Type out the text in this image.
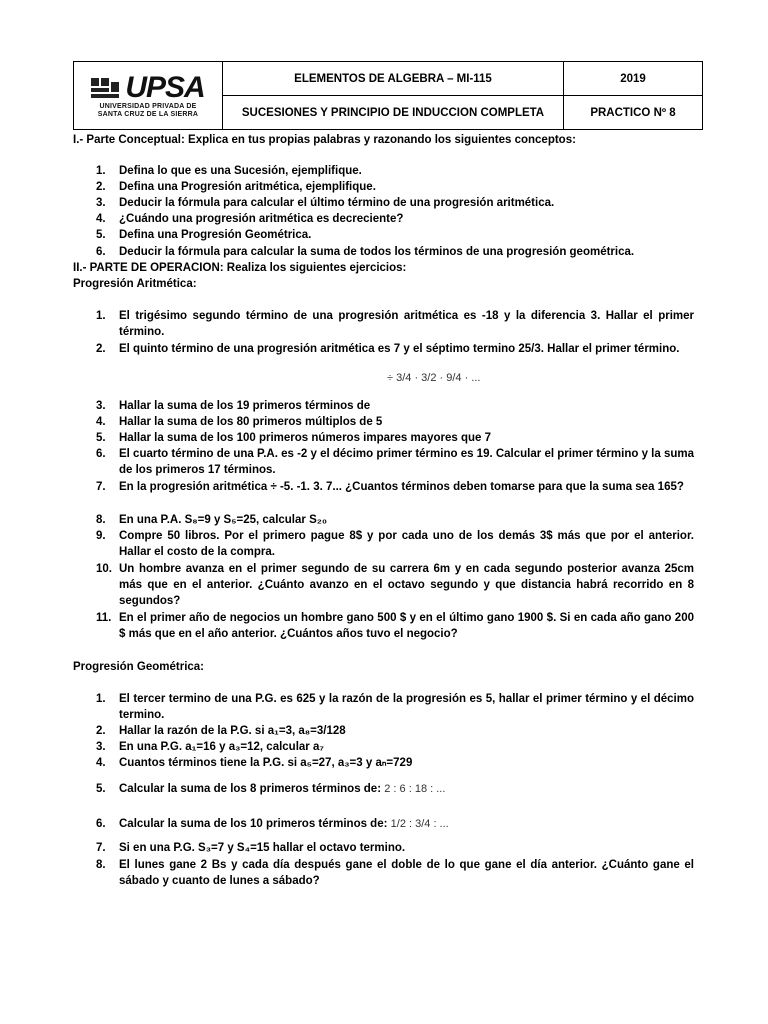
UPSA
UNIVERSIDAD PRIVADA DE
SANTA CRUZ DE LA SIERRA	ELEMENTOS DE ALGEBRA – MI-115	2019
	SUCESIONES Y PRINCIPIO DE INDUCCION COMPLETA	PRACTICO Nº 8
I.- Parte Conceptual: Explica en tus propias palabras y razonando los siguientes conceptos:
1.	Defina lo que es una Sucesión, ejemplifique.
2.	Defina una Progresión aritmética, ejemplifique.
3.	Deducir la fórmula para calcular el último término de una progresión aritmética.
4.	¿Cuándo una progresión aritmética es decreciente?
5.	Defina una Progresión Geométrica.
6.	Deducir la fórmula para calcular la suma de todos los términos de una progresión geométrica.
II.- PARTE DE OPERACION: Realiza los siguientes ejercicios:
Progresión Aritmética:
1.	El trigésimo segundo término de una progresión aritmética es -18 y la diferencia 3. Hallar el primer término.
2.	El quinto término de una progresión aritmética es 7 y el séptimo termino 25/3. Hallar el primer término.
÷ 3/4 · 3/2 · 9/4 · ...
3.	Hallar la suma de los 19 primeros términos de
4.	Hallar la suma de los 80 primeros múltiplos de 5
5.	Hallar la suma de los 100 primeros números impares mayores que 7
6.	El cuarto término de una P.A. es -2 y el décimo primer término es 19. Calcular el primer término y la suma de los primeros 17 términos.
7.	En la progresión aritmética ÷ -5. -1. 3. 7... ¿Cuantos términos deben tomarse para que la suma sea 165?
8.	En una P.A. S₈=9 y S₅=25, calcular S₂₀
9.	Compre 50 libros. Por el primero pague 8$ y por cada uno de los demás 3$ más que por el anterior. Hallar el costo de la compra.
10. Un hombre avanza en el primer segundo de su carrera 6m y en cada segundo posterior avanza 25cm más que en el anterior. ¿Cuánto avanzo en el octavo segundo y que distancia habrá recorrido en 8 segundos?
11. En el primer año de negocios un hombre gano 500 $ y en el último gano 1900 $. Si en cada año gano 200 $ más que en el año anterior. ¿Cuántos años tuvo el negocio?
Progresión Geométrica:
1.	El tercer termino de una P.G. es 625 y la razón de la progresión es 5, hallar el primer término y el décimo termino.
2.	Hallar la razón de la P.G. si a₁=3, a₈=3/128
3.	En una P.G. a₁=16 y a₃=12, calcular a₇
4.	Cuantos términos tiene la P.G. si a₅=27, a₃=3 y aₙ=729
5.	Calcular la suma de los 8 primeros términos de: 2 : 6 : 18 : ...
6.	Calcular la suma de los 10 primeros términos de: 1/2 : 3/4 : ...
7.	Si en una P.G. S₃=7 y S₄=15 hallar el octavo termino.
8.	El lunes gane 2 Bs y cada día después gane el doble de lo que gane el día anterior. ¿Cuánto gane el sábado y cuanto de lunes a sábado?
